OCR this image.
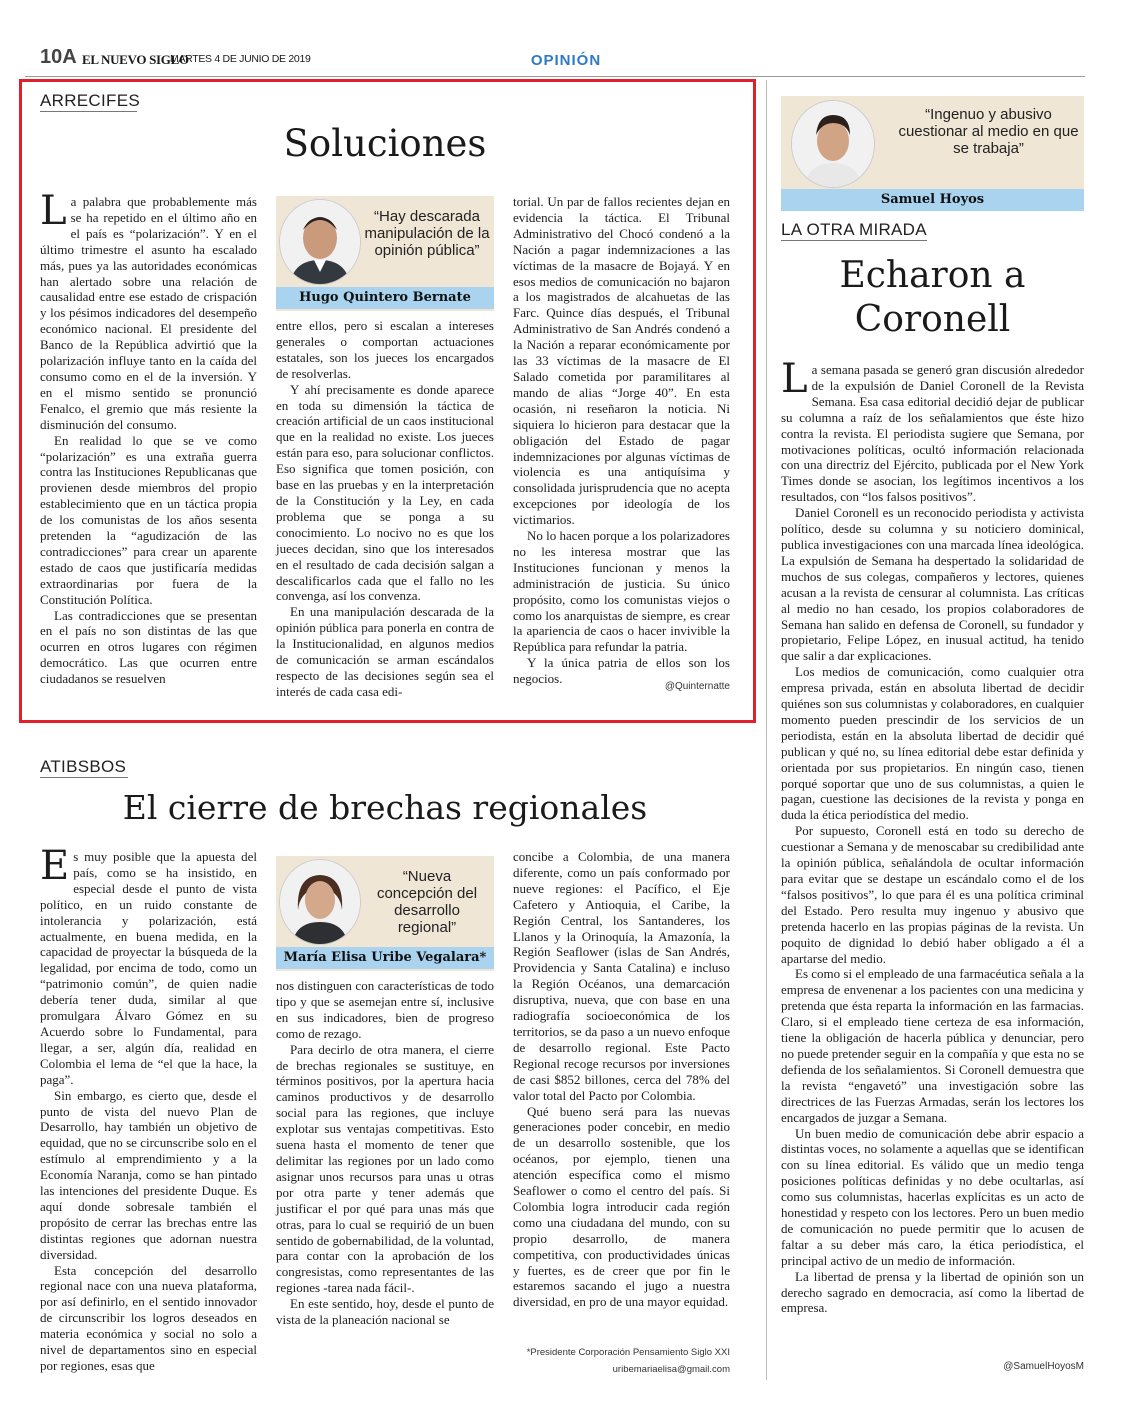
10A EL NUEVO SIGLO
MARTES 4 DE JUNIO DE 2019	OPINIÓN
ARRECIFES
Soluciones
L a palabra que probablemente más se ha repetido en el último año en el país es “polarización”. Y en el último trimestre el asunto ha escalado más, pues ya las autoridades económicas han alertado sobre una relación de causalidad entre ese estado de crispación y los pésimos indicadores del desempeño económico nacional. El presidente del Banco de la República advirtió que la polarización influye tanto en la caída del consumo como en el de la inversión. Y en el mismo sentido se pronunció Fenalco, el gremio que más resiente la disminución del consumo.

En realidad lo que se ve como “polarización” es una extraña guerra contra las Instituciones Republicanas que provienen desde miembros del propio establecimiento que en un táctica propia de los comunistas de los años sesenta pretenden la “agudización de las contradicciones” para crear un aparente estado de caos que justificaría medidas extraordinarias por fuera de la Constitución Política.

Las contradicciones que se presentan en el país no son distintas de las que ocurren en otros lugares con régimen democrático. Las que ocurren entre ciudadanos se resuelven

“Hay descarada manipulación de la opinión pública”
Hugo Quintero Bernate

entre ellos, pero si escalan a intereses generales o comportan actuaciones estatales, son los jueces los encargados de resolverlas.

Y ahí precisamente es donde aparece en toda su dimensión la táctica de creación artificial de un caos institucional que en la realidad no existe. Los jueces están para eso, para solucionar conflictos. Eso significa que tomen posición, con base en las pruebas y en la interpretación de la Constitución y la Ley, en cada problema que se ponga a su conocimiento. Lo nocivo no es que los jueces decidan, sino que los interesados en el resultado de cada decisión salgan a descalificarlos cada que el fallo no les convenga, así los convenza.

En una manipulación descarada de la opinión pública para ponerla en contra de la Institucionalidad, en algunos medios de comunicación se arman escándalos respecto de las decisiones según sea el interés de cada casa edi-

torial. Un par de fallos recientes dejan en evidencia la táctica. El Tribunal Administrativo del Chocó condenó a la Nación a pagar indemnizaciones a las víctimas de la masacre de Bojayá. Y en esos medios de comunicación no bajaron a los magistrados de alcahuetas de las Farc. Quince días después, el Tribunal Administrativo de San Andrés condenó a la Nación a reparar económicamente por las 33 víctimas de la masacre de El Salado cometida por paramilitares al mando de alias “Jorge 40”. En esta ocasión, ni reseñaron la noticia. Ni siquiera lo hicieron para destacar que la obligación del Estado de pagar indemnizaciones por algunas víctimas de violencia es una antiquísima y consolidada jurisprudencia que no acepta excepciones por ideología de los victimarios.

No lo hacen porque a los polarizadores no les interesa mostrar que las Instituciones funcionan y menos la administración de justicia. Su único propósito, como los comunistas viejos o como los anarquistas de siempre, es crear la apariencia de caos o hacer invivible la República para refundar la patria.

Y la única patria de ellos son los negocios.

@Quinternatte
ATIBSBOS
El cierre de brechas regionales
E s muy posible que la apuesta del país, como se ha insistido, en especial desde el punto de vista político, en un ruido constante de intolerancia y polarización, está actualmente, en buena medida, en la capacidad de proyectar la búsqueda de la legalidad, por encima de todo, como un “patrimonio común”, de quien nadie debería tener duda, similar al que promulgara Álvaro Gómez en su Acuerdo sobre lo Fundamental, para llegar, a ser, algún día, realidad en Colombia el lema de “el que la hace, la paga”.

Sin embargo, es cierto que, desde el punto de vista del nuevo Plan de Desarrollo, hay también un objetivo de equidad, que no se circunscribe solo en el estímulo al emprendimiento y a la Economía Naranja, como se han pintado las intenciones del presidente Duque. Es aquí donde sobresale también el propósito de cerrar las brechas entre las distintas regiones que adornan nuestra diversidad.

Esta concepción del desarrollo regional nace con una nueva plataforma, por así definirlo, en el sentido innovador de circunscribir los logros deseados en materia económica y social no solo a nivel de departamentos sino en especial por regiones, esas que

“Nueva concepción del desarrollo regional”
María Elisa Uribe Vegalara*

nos distinguen con características de todo tipo y que se asemejan entre sí, inclusive en sus indicadores, bien de progreso como de rezago.

Para decirlo de otra manera, el cierre de brechas regionales se sustituye, en términos positivos, por la apertura hacia caminos productivos y de desarrollo social para las regiones, que incluye explotar sus ventajas competitivas. Esto suena hasta el momento de tener que delimitar las regiones por un lado como asignar unos recursos para unas u otras por otra parte y tener además que justificar el por qué para unas más que otras, para lo cual se requirió de un buen sentido de gobernabilidad, de la voluntad, para contar con la aprobación de los congresistas, como representantes de las regiones -tarea nada fácil-.

En este sentido, hoy, desde el punto de vista de la planeación nacional se

concibe a Colombia, de una manera diferente, como un país conformado por nueve regiones: el Pacífico, el Eje Cafetero y Antioquia, el Caribe, la Región Central, los Santanderes, los Llanos y la Orinoquía, la Amazonía, la Región Seaflower (islas de San Andrés, Providencia y Santa Catalina) e incluso la Región Océanos, una demarcación disruptiva, nueva, que con base en una radiografía socioeconómica de los territorios, se da paso a un nuevo enfoque de desarrollo regional. Este Pacto Regional recoge recursos por inversiones de casi $852 billones, cerca del 78% del valor total del Pacto por Colombia.

Qué bueno será para las nuevas generaciones poder concebir, en medio de un desarrollo sostenible, que los océanos, por ejemplo, tienen una atención específica como el mismo Seaflower o como el centro del país. Si Colombia logra introducir cada región como una ciudadana del mundo, con su propio desarrollo, de manera competitiva, con productividades únicas y fuertes, es de creer que por fin le estaremos sacando el jugo a nuestra diversidad, en pro de una mayor equidad.

*Presidente Corporación Pensamiento Siglo XXI
uribemariaelisa@gmail.com
“Ingenuo y abusivo cuestionar al medio en que se trabaja”
Samuel Hoyos
LA OTRA MIRADA
Echaron a
Coronell
L a semana pasada se generó gran discusión alrededor de la expulsión de Daniel Coronell de la Revista Semana. Esa casa editorial decidió dejar de publicar su columna a raíz de los señalamientos que éste hizo contra la revista. El periodista sugiere que Semana, por motivaciones políticas, ocultó información relacionada con una directriz del Ejército, publicada por el New York Times donde se asocian, los legítimos incentivos a los resultados, con “los falsos positivos”.

Daniel Coronell es un reconocido periodista y activista político, desde su columna y su noticiero dominical, publica investigaciones con una marcada línea ideológica. La expulsión de Semana ha despertado la solidaridad de muchos de sus colegas, compañeros y lectores, quienes acusan a la revista de censurar al columnista. Las críticas al medio no han cesado, los propios colaboradores de Semana han salido en defensa de Coronell, su fundador y propietario, Felipe López, en inusual actitud, ha tenido que salir a dar explicaciones.

Los medios de comunicación, como cualquier otra empresa privada, están en absoluta libertad de decidir quiénes son sus columnistas y colaboradores, en cualquier momento pueden prescindir de los servicios de un periodista, están en la absoluta libertad de decidir qué publican y qué no, su línea editorial debe estar definida y orientada por sus propietarios. En ningún caso, tienen porqué soportar que uno de sus columnistas, a quien le pagan, cuestione las decisiones de la revista y ponga en duda la ética periodística del medio.

Por supuesto, Coronell está en todo su derecho de cuestionar a Semana y de menoscabar su credibilidad ante la opinión pública, señalándola de ocultar información para evitar que se destape un escándalo como el de los “falsos positivos”, lo que para él es una política criminal del Estado. Pero resulta muy ingenuo y abusivo que pretenda hacerlo en las propias páginas de la revista. Un poquito de dignidad lo debió haber obligado a él a apartarse del medio.

Es como si el empleado de una farmacéutica señala a la empresa de envenenar a los pacientes con una medicina y pretenda que ésta reparta la información en las farmacias. Claro, si el empleado tiene certeza de esa información, tiene la obligación de hacerla pública y denunciar, pero no puede pretender seguir en la compañía y que esta no se defienda de los señalamientos. Si Coronell demuestra que la revista “engavetó” una investigación sobre las directrices de las Fuerzas Armadas, serán los lectores los encargados de juzgar a Semana.

Un buen medio de comunicación debe abrir espacio a distintas voces, no solamente a aquellas que se identifican con su línea editorial. Es válido que un medio tenga posiciones políticas definidas y no debe ocultarlas, así como sus columnistas, hacerlas explícitas es un acto de honestidad y respeto con los lectores. Pero un buen medio de comunicación no puede permitir que lo acusen de faltar a su deber más caro, la ética periodística, el principal activo de un medio de información.

La libertad de prensa y la libertad de opinión son un derecho sagrado en democracia, así como la libertad de empresa.

@SamuelHoyosM
